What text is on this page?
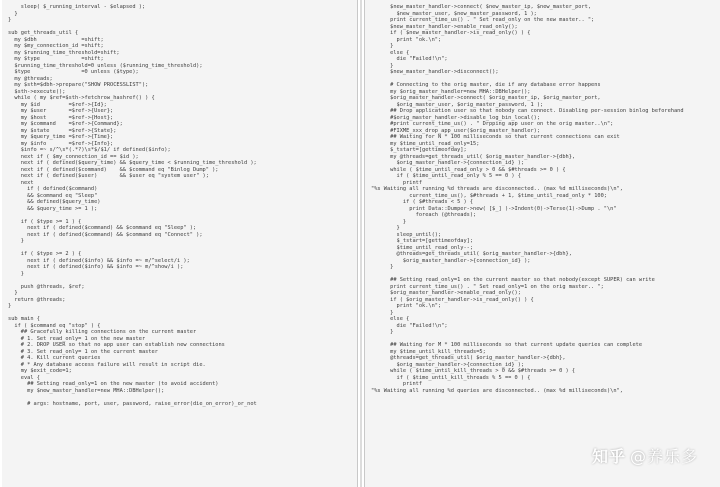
sleep( $_running_interval - $elapsed );
}
}

sub get_threads_util {
my $dbh              =shift;
my $my_connection_id =shift;
my $running_time_threshold=shift;
my $type             =shift;
$running_time_threshold=0 unless ($running_time_threshold);
$type                =0 unless ($type);
my @threads;
my $sth=$dbh->prepare("SHOW PROCESSLIST");
$sth->execute();
while ( my $ref=$sth->fetchrow_hashref() ) {
my $id         =$ref->{Id};
my $user       =$ref->{User};
my $host       =$ref->{Host};
my $command    =$ref->{Command};
my $state      =$ref->{State};
my $query_time =$ref->{Time};
my $info       =$ref->{Info};
$info =~ s/^\s*(.*?)\s*$/$1/ if defined($info);
next if ( $my_connection_id == $id );
next if ( defined($query_time) && $query_time < $running_time_threshold );
next if ( defined($command)    && $command eq "Binlog Dump" );
next if ( defined($user)       && $user eq "system user" );
next
if ( defined($command)
&& $command eq "Sleep"
&& defined($query_time)
&& $query_time >= 1 );

if ( $type >= 1 ) {
next if ( defined($command) && $command eq "Sleep" );
next if ( defined($command) && $command eq "Connect" );
}

if ( $type >= 2 ) {
next if ( defined($info) && $info =~ m/^select/i );
next if ( defined($info) && $info =~ m/^show/i );
}

push @threads, $ref;
}
return @threads;
}

sub main {
if ( $command eq "stop" ) {
## Gracefully killing connections on the current master
# 1. Set read_only= 1 on the new master
# 2. DROP USER so that no app user can establish new connections
# 3. Set read_only= 1 on the current master
# 4. Kill current queries
# * Any database access failure will result in script die.
my $exit_code=1;
eval {
## Setting read_only=1 on the new master (to avoid accident)
my $new_master_handler=new MHA::DBHelper();

# args: hostname, port, user, password, raise_error(die_on_error)_or_not
$new_master_handler->connect( $new_master_ip, $new_master_port,
$new_master_user, $new_master_password, 1 );
print current_time_us() . " Set read_only on the new master.. ";
$new_master_handler->enable_read_only();
if ( $new_master_handler->is_read_only() ) {
print "ok.\n";
}
else {
die "Failed!\n";
}
$new_master_handler->disconnect();

# Connecting to the orig master, die if any database error happens
my $orig_master_handler=new MHA::DBHelper();
$orig_master_handler->connect( $orig_master_ip, $orig_master_port,
$orig_master_user, $orig_master_password, 1 );
## Drop application user so that nobody can connect. Disabling per-session binlog beforehand
#$orig_master_handler->disable_log_bin_local();
#print current_time_us() . " Drpping app user on the orig master..\n";
#FIXME_xxx_drop_app_user($orig_master_handler);
## Waiting for N * 100 milliseconds so that current connections can exit
my $time_until_read_only=15;
$_tstart=[gettimeofday];
my @threads=get_threads_util( $orig_master_handler->{dbh},
$orig_master_handler->{connection_id} );
while ( $time_until_read_only > 0 && $#threads >= 0 ) {
if ( $time_until_read_only % 5 == 0 ) {
printf
"%s Waiting all running %d threads are disconnected.. (max %d milliseconds)\n",
current_time_us(), $#threads + 1, $time_until_read_only * 100;
if ( $#threads < 5 ) {
print Data::Dumper->new( [$_] )->Indent(0)->Terse(1)->Dump . "\n"
foreach (@threads);
}
}
sleep_until();
$_tstart=[gettimeofday];
$time_until_read_only--;
@threads=get_threads_util( $orig_master_handler->{dbh},
$orig_master_handler->{connection_id} );
}

## Setting read_only=1 on the current master so that nobody(except SUPER) can write
print current_time_us() . " Set read_only=1 on the orig master.. ";
$orig_master_handler->enable_read_only();
if ( $orig_master_handler->is_read_only() ) {
print "ok.\n";
}
else {
die "Failed!\n";
}

## Waiting for M * 100 milliseconds so that current update queries can complete
my $time_until_kill_threads=5;
@threads=get_threads_util( $orig_master_handler->{dbh},
$orig_master_handler->{connection_id} );
while ( $time_until_kill_threads > 0 && $#threads >= 0 ) {
if ( $time_until_kill_threads % 5 == 0 ) {
printf
"%s Waiting all running %d queries are disconnected.. (max %d milliseconds)\n",
知乎 @养乐多
